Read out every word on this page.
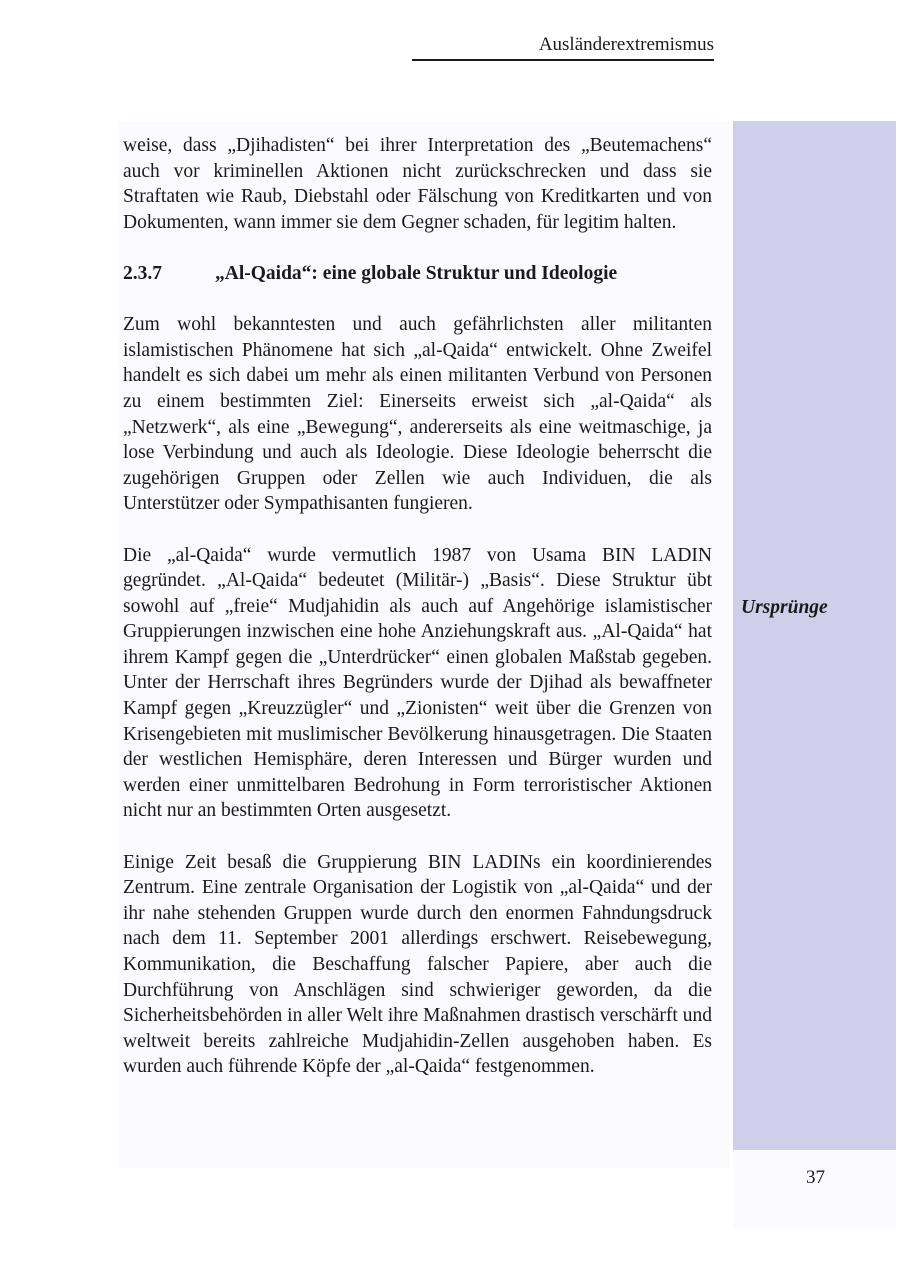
Ausländerextremismus
Ursprünge

weise, dass „Djihadisten“ bei ihrer Interpretation des „Beutemachens“ auch vor kriminellen Aktionen nicht zurückschrecken und dass sie Straftaten wie Raub, Diebstahl oder Fälschung von Kreditkarten und von Dokumenten, wann immer sie dem Gegner schaden, für legitim halten.

2.3.7	„Al-Qaida“: eine globale Struktur und Ideologie

Zum wohl bekanntesten und auch gefährlichsten aller militanten islamistischen Phänomene hat sich „al-Qaida“ entwickelt. Ohne Zweifel handelt es sich dabei um mehr als einen militanten Verbund von Personen zu einem bestimmten Ziel: Einerseits erweist sich „al-Qaida“ als „Netzwerk“, als eine „Bewegung“, andererseits als eine weitmaschige, ja lose Verbindung und auch als Ideologie. Diese Ideologie beherrscht die zugehörigen Gruppen oder Zellen wie auch Individuen, die als Unterstützer oder Sympathisanten fungieren.

Die „al-Qaida“ wurde vermutlich 1987 von Usama BIN LADIN gegründet. „Al-Qaida“ bedeutet (Militär-) „Basis“. Diese Struktur übt sowohl auf „freie“ Mudjahidin als auch auf Angehörige islamistischer Gruppierungen inzwischen eine hohe Anziehungskraft aus. „Al-Qaida“ hat ihrem Kampf gegen die „Unterdrücker“ einen globalen Maßstab gegeben. Unter der Herrschaft ihres Begründers wurde der Djihad als bewaffneter Kampf gegen „Kreuzzügler“ und „Zionisten“ weit über die Grenzen von Krisengebieten mit muslimischer Bevölkerung hinausgetragen. Die Staaten der westlichen Hemisphäre, deren Interessen und Bürger wurden und werden einer unmittelbaren Bedrohung in Form terroristischer Aktionen nicht nur an bestimmten Orten ausgesetzt.

Einige Zeit besaß die Gruppierung BIN LADINs ein koordinierendes Zentrum. Eine zentrale Organisation der Logistik von „al-Qaida“ und der ihr nahe stehenden Gruppen wurde durch den enormen Fahndungsdruck nach dem 11. September 2001 allerdings erschwert. Reisebewegung, Kommunikation, die Beschaffung falscher Papiere, aber auch die Durchführung von Anschlägen sind schwieriger geworden, da die Sicherheitsbehörden in aller Welt ihre Maßnahmen drastisch verschärft und weltweit bereits zahlreiche Mudjahidin-Zellen ausgehoben haben. Es wurden auch führende Köpfe der „al-Qaida“ festgenommen.

37
